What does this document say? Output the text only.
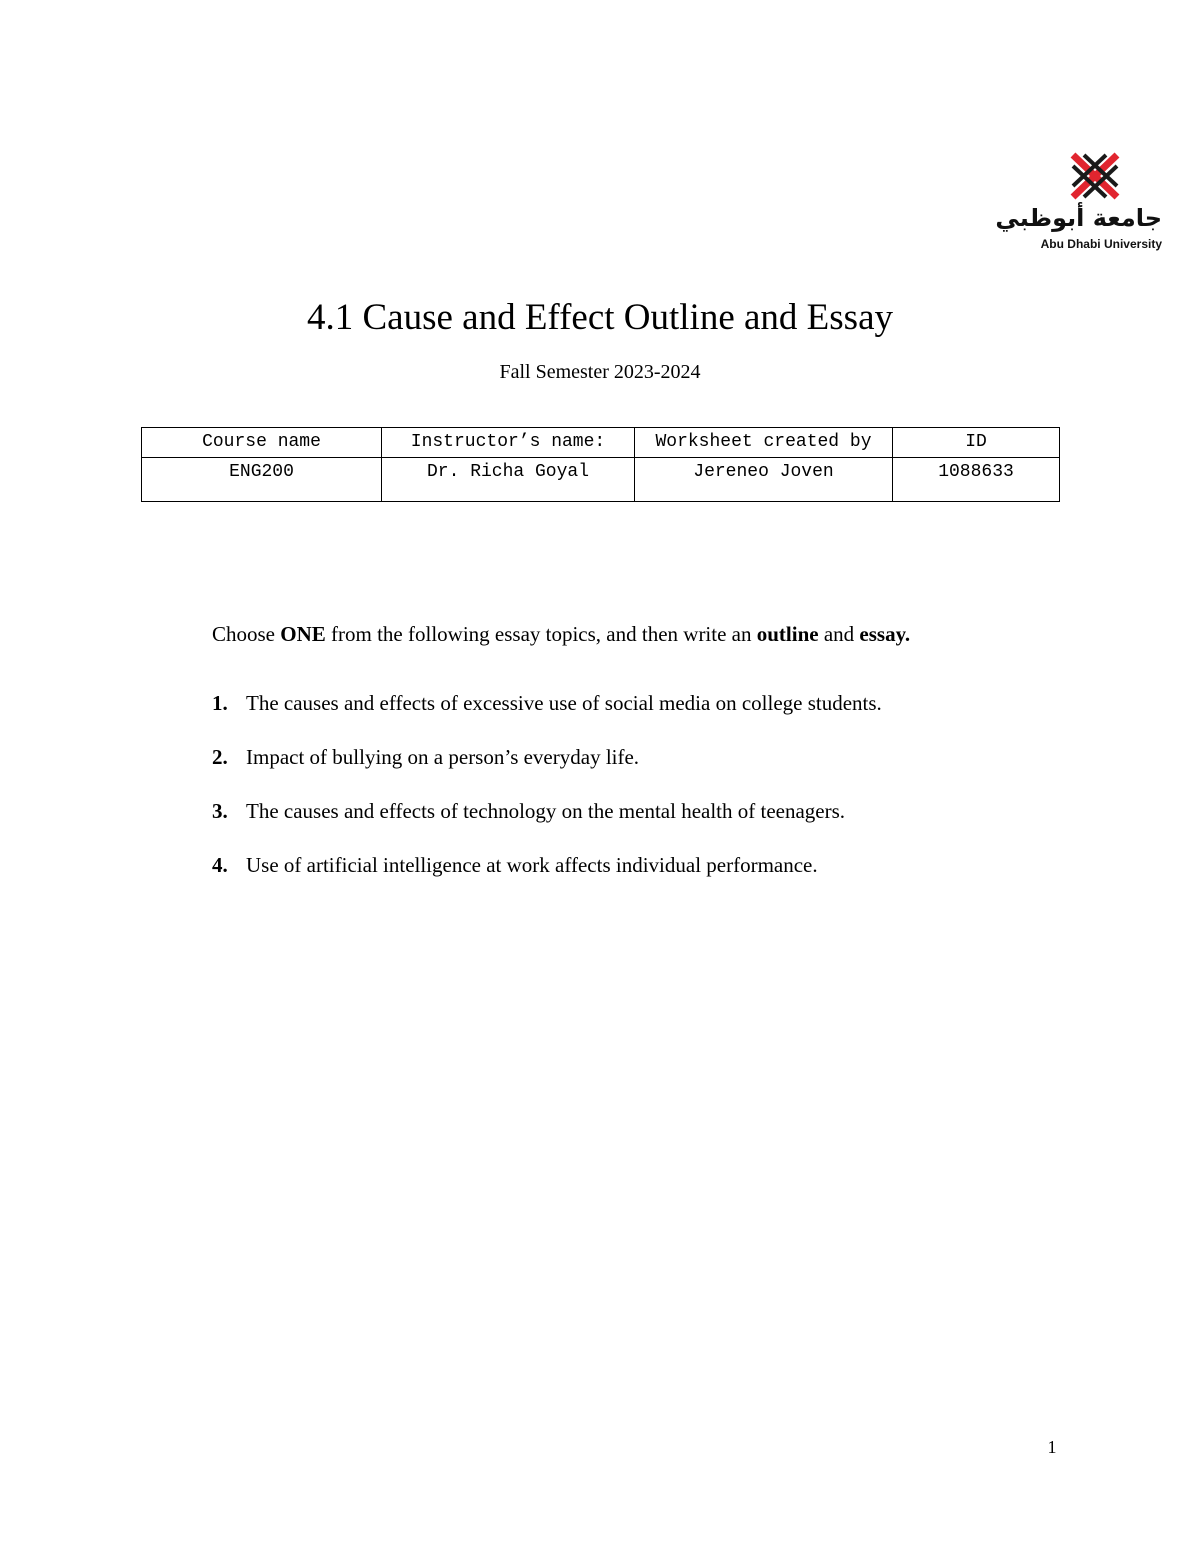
جامعة أبوظبي
Abu Dhabi University
4.1 Cause and Effect Outline and Essay
Fall Semester 2023-2024
Course name	Instructor’s name:	Worksheet created by	ID
ENG200	Dr. Richa Goyal	Jereneo Joven	1088633
Choose ONE from the following essay topics, and then write an outline and essay.
1. The causes and effects of excessive use of social media on college students.
2. Impact of bullying on a person’s everyday life.
3. The causes and effects of technology on the mental health of teenagers.
4. Use of artificial intelligence at work affects individual performance.
1
